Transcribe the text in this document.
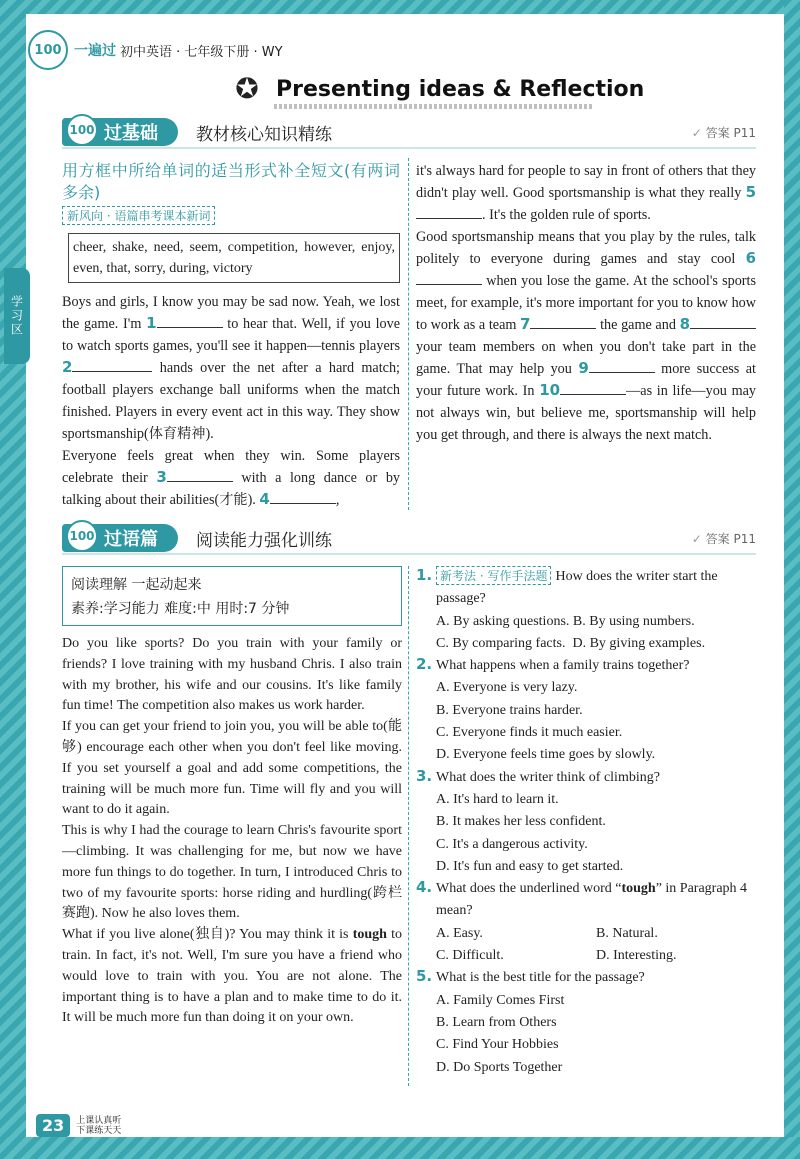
学习区
100 一遍过 初中英语 · 七年级下册 · WY
✪ Presenting ideas & Reflection
100 过基础 教材核心知识精练	✓ 答案 P11
用方框中所给单词的适当形式补全短文(有两词多余)
新风向 · 语篇串考课本新词
cheer, shake, need, seem, competition, however, enjoy, even, that, sorry, during, victory

Boys and girls, I know you may be sad now. Yeah, we lost the game. I'm 1	to hear that. Well, if you love to watch sports games, you'll see it happen—tennis players 2	hands over the net after a hard match; football players exchange ball uniforms when the match finished. Players in every event act in this way. They show sportsmanship(体育精神).

Everyone feels great when they win. Some players celebrate their 3	with a long dance or by talking about their abilities(才能). 4	,

it's always hard for people to say in front of others that they didn't play well. Good sportsmanship is what they really 5. It's the golden rule of sports.

Good sportsmanship means that you play by the rules, talk politely to everyone during games and stay cool 6 when you lose the game. At the school's sports meet, for example, it's more important for you to know how to work as a team 7	the game and 8 your team members on when you don't take part in the game. That may help you 9	more success at your future work. In 10	—as in life—you may not always win, but believe me, sportsmanship will help you get through, and there is always the next match.

100 过语篇 阅读能力强化训练	✓ 答案 P11
阅读理解 一起动起来
素养:学习能力 难度:中 用时:7 分钟

Do you like sports? Do you train with your family or friends? I love training with my husband Chris. I also train with my brother, his wife and our cousins. It's like family fun time! The competition also makes us work harder.

If you can get your friend to join you, you will be able to(能够) encourage each other when you don't feel like moving. If you set yourself a goal and add some competitions, the training will be much more fun. Time will fly and you will want to do it again.

This is why I had the courage to learn Chris's favourite sport—climbing. It was challenging for me, but now we have more fun things to do together. In turn, I introduced Chris to two of my favourite sports: horse riding and hurdling(跨栏赛跑). Now he also loves them.

What if you live alone(独自)? You may think it is tough to train. In fact, it's not. Well, I'm sure you have a friend who would love to train with you. You are not alone. The important thing is to have a plan and to make time to do it. It will be much more fun than doing it on your own.

1. 新考法 · 写作手法题 How does the writer start the passage?
A. By asking questions. B. By using numbers.
C. By comparing facts. D. By giving examples.
2. What happens when a family trains together?
A. Everyone is very lazy.
B. Everyone trains harder.
C. Everyone finds it much easier.
D. Everyone feels time goes by slowly.
3. What does the writer think of climbing?
A. It's hard to learn it.
B. It makes her less confident.
C. It's a dangerous activity.
D. It's fun and easy to get started.
4. What does the underlined word “tough” in Paragraph 4 mean?
A. Easy.	B. Natural.
C. Difficult.	D. Interesting.
5. What is the best title for the passage?
A. Family Comes First
B. Learn from Others
C. Find Your Hobbies
D. Do Sports Together
23	上课认真听 下课练天天
